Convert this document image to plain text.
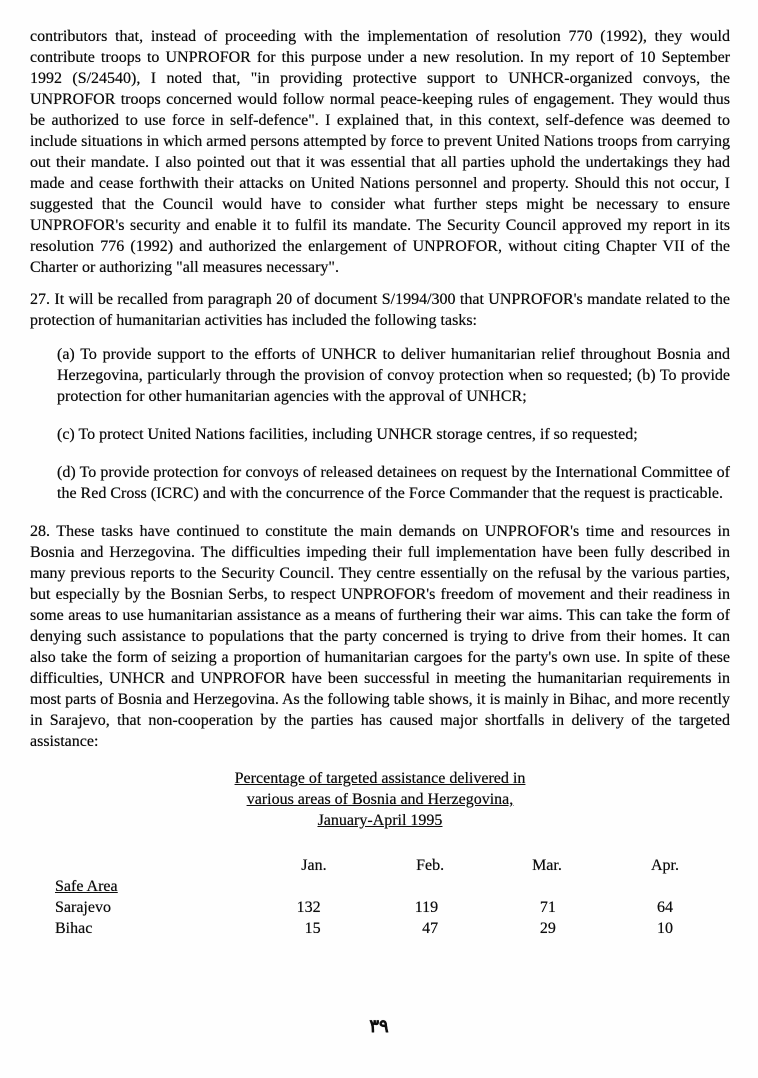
contributors that, instead of proceeding with the implementation of resolution 770 (1992), they would contribute troops to UNPROFOR for this purpose under a new resolution. In my report of 10 September 1992 (S/24540), I noted that, "in providing protective support to UNHCR-organized convoys, the UNPROFOR troops concerned would follow normal peace-keeping rules of engagement. They would thus be authorized to use force in self-defence". I explained that, in this context, self-defence was deemed to include situations in which armed persons attempted by force to prevent United Nations troops from carrying out their mandate. I also pointed out that it was essential that all parties uphold the undertakings they had made and cease forthwith their attacks on United Nations personnel and property. Should this not occur, I suggested that the Council would have to consider what further steps might be necessary to ensure UNPROFOR's security and enable it to fulfil its mandate. The Security Council approved my report in its resolution 776 (1992) and authorized the enlargement of UNPROFOR, without citing Chapter VII of the Charter or authorizing "all measures necessary".

27. It will be recalled from paragraph 20 of document S/1994/300 that UNPROFOR's mandate related to the protection of humanitarian activities has included the following tasks:

(a) To provide support to the efforts of UNHCR to deliver humanitarian relief throughout Bosnia and Herzegovina, particularly through the provision of convoy protection when so requested; (b) To provide protection for other humanitarian agencies with the approval of UNHCR;

(c) To protect United Nations facilities, including UNHCR storage centres, if so requested;

(d) To provide protection for convoys of released detainees on request by the International Committee of the Red Cross (ICRC) and with the concurrence of the Force Commander that the request is practicable.

28. These tasks have continued to constitute the main demands on UNPROFOR's time and resources in Bosnia and Herzegovina. The difficulties impeding their full implementation have been fully described in many previous reports to the Security Council. They centre essentially on the refusal by the various parties, but especially by the Bosnian Serbs, to respect UNPROFOR's freedom of movement and their readiness in some areas to use humanitarian assistance as a means of furthering their war aims. This can take the form of denying such assistance to populations that the party concerned is trying to drive from their homes. It can also take the form of seizing a proportion of humanitarian cargoes for the party's own use. In spite of these difficulties, UNHCR and UNPROFOR have been successful in meeting the humanitarian requirements in most parts of Bosnia and Herzegovina. As the following table shows, it is mainly in Bihac, and more recently in Sarajevo, that non-cooperation by the parties has caused major shortfalls in delivery of the targeted assistance:

Percentage of targeted assistance delivered in
various areas of Bosnia and Herzegovina,
January-April 1995
	Jan.	Feb.	Mar.	Apr.
Safe Area				
Sarajevo	132	119	71	64
Bihac	15	47	29	10
٣٩
